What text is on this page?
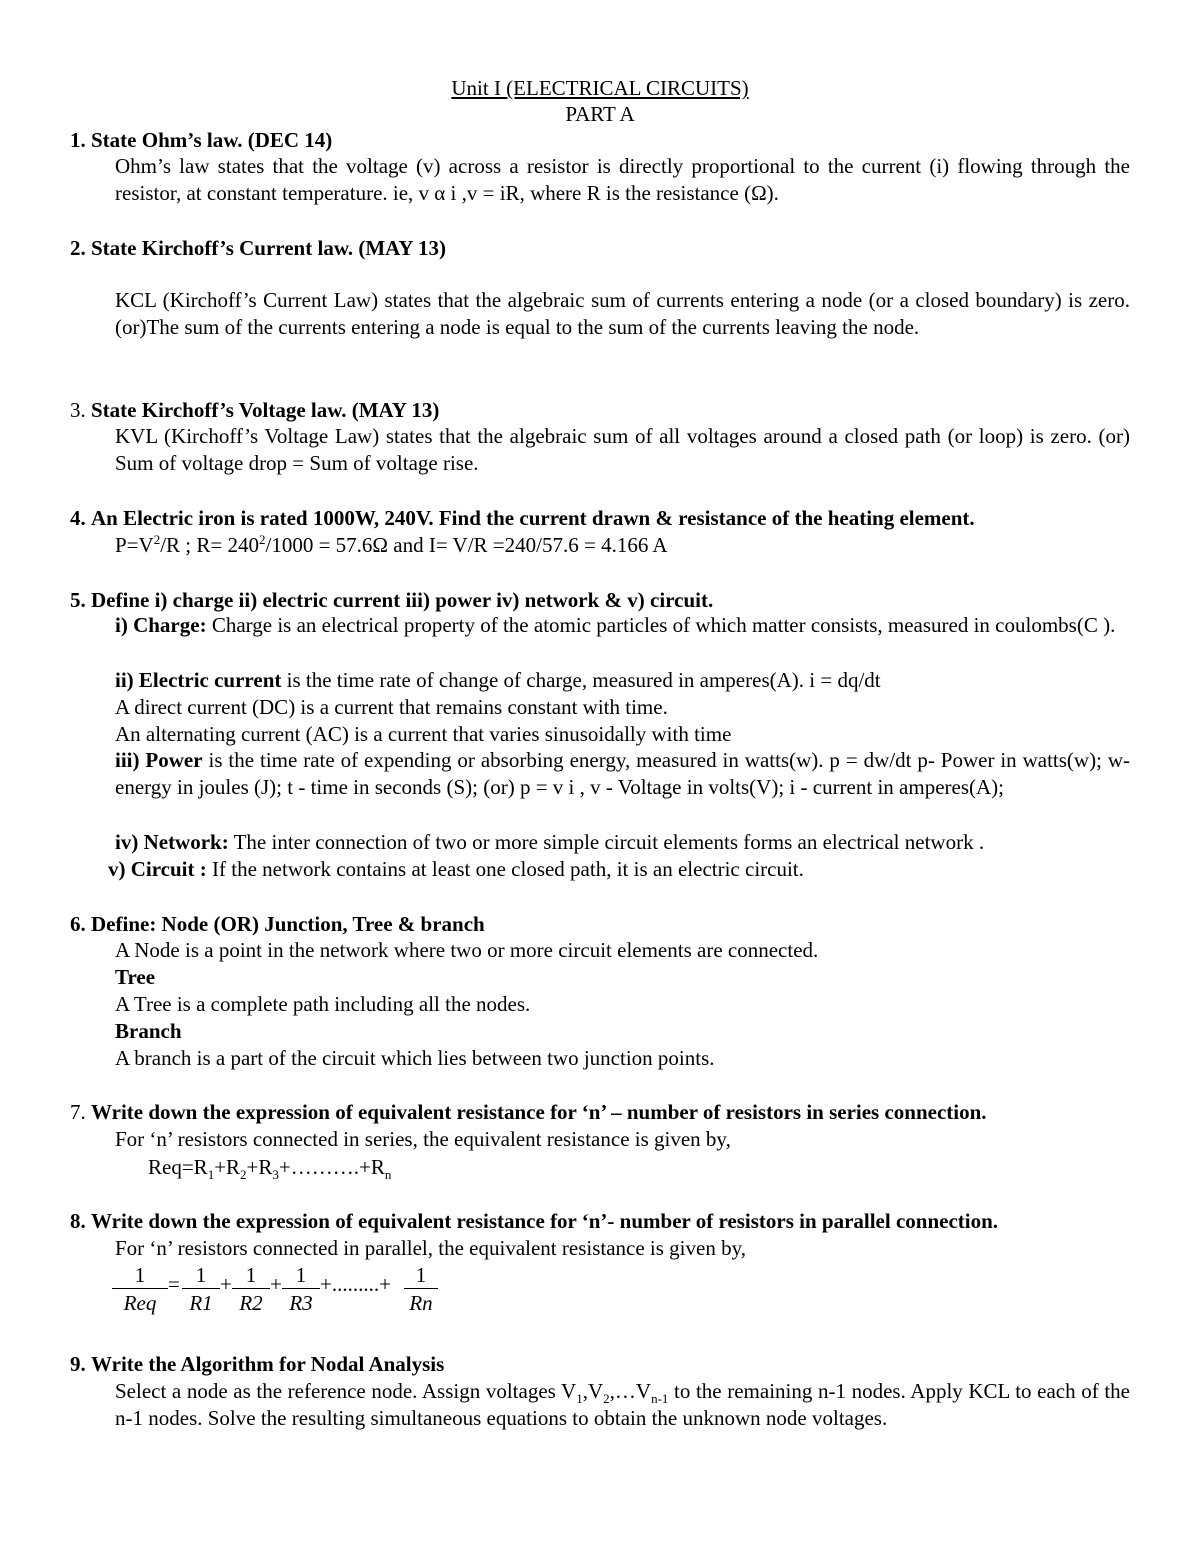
Unit I (ELECTRICAL CIRCUITS)
PART A
1. State Ohm’s law. (DEC 14)
Ohm’s law states that the voltage (v) across a resistor is directly proportional to the current (i) flowing through the resistor, at constant temperature. ie, v α i ,v = iR, where R is the resistance (Ω).
2. State Kirchoff’s Current law. (MAY 13)
KCL (Kirchoff’s Current Law) states that the algebraic sum of currents entering a node (or a closed boundary) is zero. (or)The sum of the currents entering a node is equal to the sum of the currents leaving the node.
3. State Kirchoff’s Voltage law. (MAY 13)
KVL (Kirchoff’s Voltage Law) states that the algebraic sum of all voltages around a closed path (or loop) is zero. (or) Sum of voltage drop = Sum of voltage rise.
4. An Electric iron is rated 1000W, 240V. Find the current drawn & resistance of the heating element.
$P=V^2/R$ ; $R= 240^2/1000 = 57.6\Omega$ and I= V/R =240/57.6 = 4.166 A
5. Define i) charge ii) electric current iii) power iv) network & v) circuit.
i) Charge: Charge is an electrical property of the atomic particles of which matter consists, measured in coulombs(C ).
ii) Electric current is the time rate of change of charge, measured in amperes(A). i = dq/dt
A direct current (DC) is a current that remains constant with time.
An alternating current (AC) is a current that varies sinusoidally with time
iii) Power is the time rate of expending or absorbing energy, measured in watts(w). p = dw/dt p- Power in watts(w); w- energy in joules (J); t - time in seconds (S); (or) p = v i , v - Voltage in volts(V); i - current in amperes(A);
iv) Network: The inter connection of two or more simple circuit elements forms an electrical network .
v) Circuit : If the network contains at least one closed path, it is an electric circuit.
6. Define: Node (OR) Junction, Tree & branch
A Node is a point in the network where two or more circuit elements are connected.
Tree
A Tree is a complete path including all the nodes.
Branch
A branch is a part of the circuit which lies between two junction points.
7. Write down the expression of equivalent resistance for ‘n’ – number of resistors in series connection.
For ‘n’ resistors connected in series, the equivalent resistance is given by,
$Req=R_1+R_2+R_3+\dots\dots\dots.+R_n$
8. Write down the expression of equivalent resistance for ‘n’- number of resistors in parallel connection.
For ‘n’ resistors connected in parallel, the equivalent resistance is given by,
1
Req
= 1
R1
+ 1
R2
+ 1
R3
+.........+	1
Rn
9. Write the Algorithm for Nodal Analysis
Select a node as the reference node. Assign voltages $V_1,V_2,\dots V_{n-1}$ to the remaining n-1 nodes. Apply KCL to each of the n-1 nodes. Solve the resulting simultaneous equations to obtain the unknown node voltages.
